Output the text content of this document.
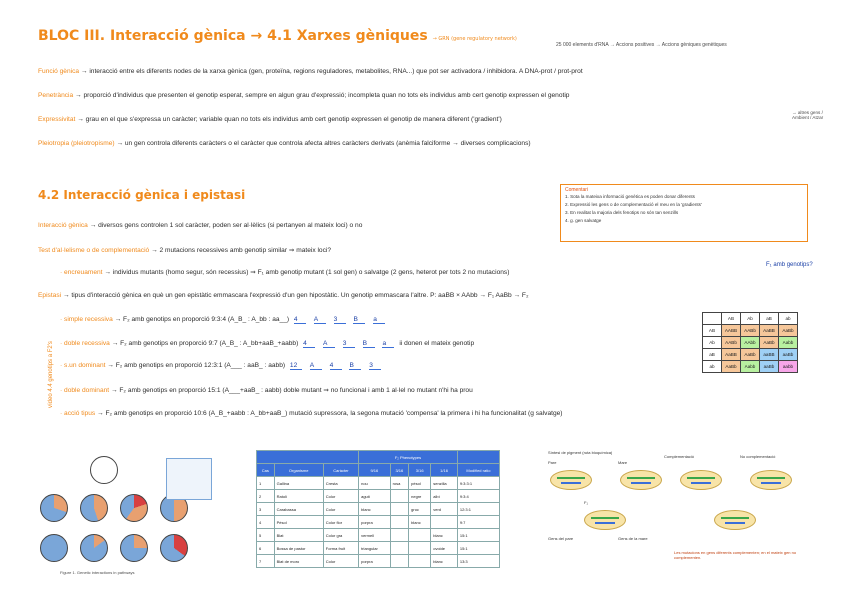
BLOC III. Interacció gènica → 4.1 Xarxes gèniques → GRN (gene regulatory network)
25 000 elements d'RNA → Accions positives → Accions gèniques genètiques
Funció gènica → interacció entre els diferents nodes de la xarxa gènica (gen, proteïna, regions reguladores, metabolites, RNA...) que pot ser activadora / inhibidora. A DNA-prot / prot-prot
Penetrància → proporció d'individus que presenten el genotip esperat, sempre en algun grau d'expressió; incompleta quan no tots els individus amb cert genotip expressen el genotip
Expressivitat → grau en el que s'expressa un caràcter; variable quan no tots els individus amb cert genotip expressen el genotip de manera diferent ('gradient')
→ altres gens / Ambient / Atzar
Pleiotropia (pleiotropisme) → un gen controla diferents caràcters o el caràcter que controla afecta altres caràcters derivats (anèmia falciforme → diverses complicacions)
4.2 Interacció gènica i epistasi	Comentari
1. Sota la mateixa informació genètica es poden donar diferents
2. Expressió les gens o de complementació el meu en la 'gradients'
3. En realitat la majoria dels fenotips no són tan senzills
4. g. gen salvatge
Interacció gènica → diversos gens controlen 1 sol caràcter, poden ser al·lèlics (si pertanyen al mateix loci) o no
Test d'al·lelisme o de complementació → 2 mutacions recessives amb genotip similar ⇒ mateix loci?
· encreuament → individus mutants (homo segur, són recessius) ⇒ F₁ amb genotip mutant (1 sol gen) o salvatge (2 gens, heterot per tots 2 no mutacions)
F₁ amb genotips?
Epistasi → tipus d'interacció gènica en què un gen epistàtic emmascara l'expressió d'un gen hipostàtic. Un genotip emmascara l'altre. P: aaBB × AAbb → F₁ AaBb → F₂
vídeo 4.4 genotips a F2's
· simple recessiva → F₂ amb genotips en proporció 9:3:4 (A_B_ : A_bb : aa__) 4 A 3 B a
· doble recessiva → F₂ amb genotips en proporció 9:7 (A_B_ : A_bb+aaB_+aabb) 4 A 3 B a ii donen el mateix genotip
· s.un dominant → F₂ amb genotips en proporció 12:3:1 (A___ : aaB_ : aabb) 12 A 4 B 3
· doble dominant → F₂ amb genotips en proporció 15:1 (A___+aaB_ : aabb) doble mutant ⇒ no funcional i amb 1 al·lel no mutant n'hi ha prou
· acció tipus → F₂ amb genotips en proporció 10:6 (A_B_+aabb : A_bb+aaB_) mutació supressora, la segona mutació 'compensa' la primera i hi ha funcionalitat (g salvatge)
	AB	Ab	aB	ab
AB	AABB	AABb	AaBB	AaBb
Ab	AABb	AAbb	AaBb	Aabb
aB	AaBB	AaBb	aaBB	aaBb
ab	AaBb	Aabb	aaBb	aabb
Figure 1. Genetic interactions in pathways
			F₂ Phenotypes				
Cas	Organisme	Caràcter	9/16	3/16	3/16	1/16	Modified ratio
1	Gallina	Cresta	nou	rosa	pèsol	senzilla	9:3:3:1
2	Ratolí	Color	agutí		negre	albí	9:3:4
3	Carabassa	Color	blanc		groc	verd	12:3:1
4	Pèsol	Color flor	porpra		blanc		9:7
5	Blat	Color gra	vermell			blanc	15:1
6	Bossa de pastor	Forma fruit	triangular			ovoide	15:1
7	Blat de moro	Color	porpra			blanc	13:3
Síntesi de pigment (ruta bioquímica)
Pare	Mare
F₁
Gens del pare	Gens de la mare
Complementació	No complementació
Les mutacions en gens diferents complementen; en el mateix gen no complementen.
